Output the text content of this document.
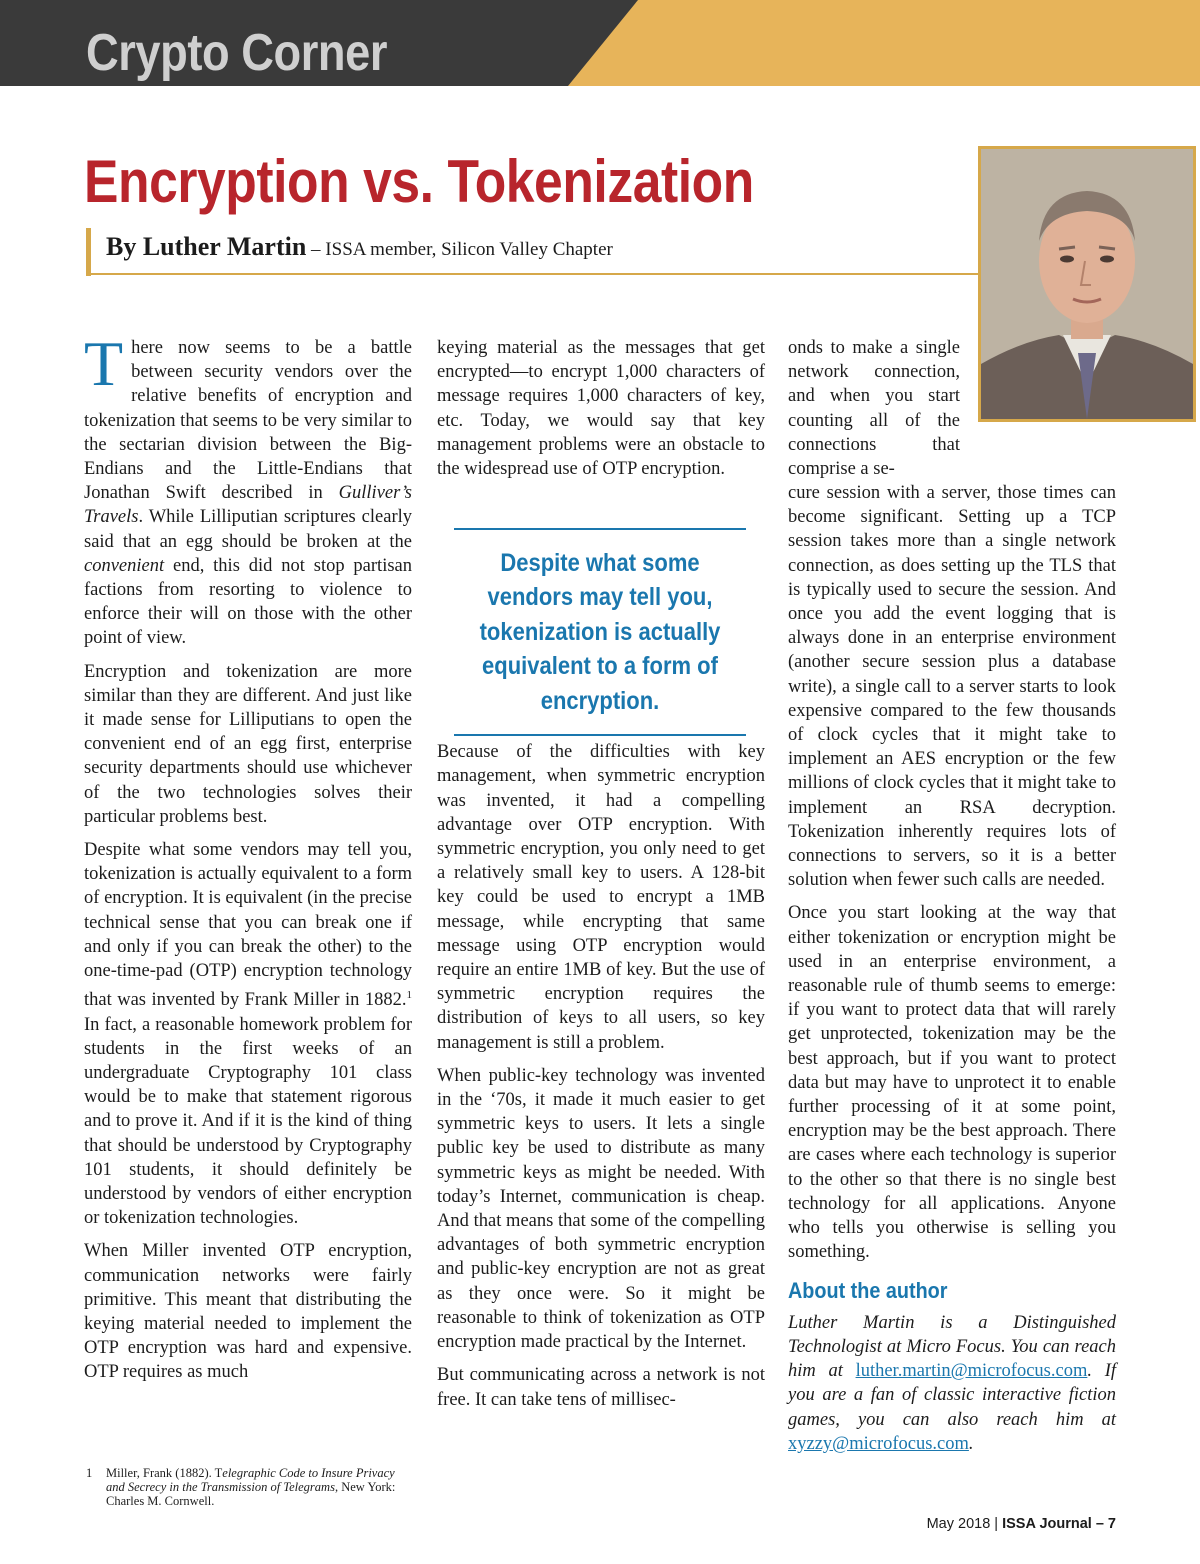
Crypto Corner
Encryption vs. Tokenization
By Luther Martin – ISSA member, Silicon Valley Chapter

There now seems to be a battle between security vendors over the relative benefits of encryption and tokenization that seems to be very similar to the sectarian division between the Big-Endians and the Little-Endians that Jonathan Swift described in Gulliver’s Travels. While Lilliputian scriptures clearly said that an egg should be broken at the convenient end, this did not stop partisan factions from resorting to violence to enforce their will on those with the other point of view.

Encryption and tokenization are more similar than they are different. And just like it made sense for Lilliputians to open the convenient end of an egg first, enterprise security departments should use whichever of the two technologies solves their particular problems best.

Despite what some vendors may tell you, tokenization is actually equivalent to a form of encryption. It is equivalent (in the precise technical sense that you can break one if and only if you can break the other) to the one-time-pad (OTP) encryption technology that was invented by Frank Miller in 1882.$^1$ In fact, a reasonable homework problem for students in the first weeks of an undergraduate Cryptography 101 class would be to make that statement rigorous and to prove it. And if it is the kind of thing that should be understood by Cryptography 101 students, it should definitely be understood by vendors of either encryption or tokenization technologies.

When Miller invented OTP encryption, communication networks were fairly primitive. This meant that distributing the keying material needed to implement the OTP encryption was hard and expensive. OTP requires as much

keying material as the messages that get encrypted—to encrypt 1,000 characters of message requires 1,000 characters of key, etc. Today, we would say that key management problems were an obstacle to the widespread use of OTP encryption.

Because of the difficulties with key management, when symmetric encryption was invented, it had a compelling advantage over OTP encryption. With symmetric encryption, you only need to get a relatively small key to users. A 128-bit key could be used to encrypt a 1MB message, while encrypting that same message using OTP encryption would require an entire 1MB of key. But the use of symmetric encryption requires the distribution of keys to all users, so key management is still a problem.

When public-key technology was invented in the ‘70s, it made it much easier to get symmetric keys to users. It lets a single public key be used to distribute as many symmetric keys as might be needed. With today’s Internet, communication is cheap. And that means that some of the compelling advantages of both symmetric encryption and public-key encryption are not as great as they once were. So it might be reasonable to think of tokenization as OTP encryption made practical by the Internet.

But communicating across a network is not free. It can take tens of millisec-

Despite what some vendors may tell you, tokenization is actually equivalent to a form of encryption.

onds to make a single network connection, and when you start counting all of the connections that comprise a se-

cure session with a server, those times can become significant. Setting up a TCP session takes more than a single network connection, as does setting up the TLS that is typically used to secure the session. And once you add the event logging that is always done in an enterprise environment (another secure session plus a database write), a single call to a server starts to look expensive compared to the few thousands of clock cycles that it might take to implement an AES encryption or the few millions of clock cycles that it might take to implement an RSA decryption. Tokenization inherently requires lots of connections to servers, so it is a better solution when fewer such calls are needed.

Once you start looking at the way that either tokenization or encryption might be used in an enterprise environment, a reasonable rule of thumb seems to emerge: if you want to protect data that will rarely get unprotected, tokenization may be the best approach, but if you want to protect data but may have to unprotect it to enable further processing of it at some point, encryption may be the best approach. There are cases where each technology is superior to the other so that there is no single best technology for all applications. Anyone who tells you otherwise is selling you something.

About the author

Luther Martin is a Distinguished Technologist at Micro Focus. You can reach him at luther.martin@microfocus.com. If you are a fan of classic interactive fiction games, you can also reach him at xyzzy@microfocus.com.

1 Miller, Frank (1882). Telegraphic Code to Insure Privacy and Secrecy in the Transmission of Telegrams, New York: Charles M. Cornwell.
May 2018 | ISSA Journal – 7
